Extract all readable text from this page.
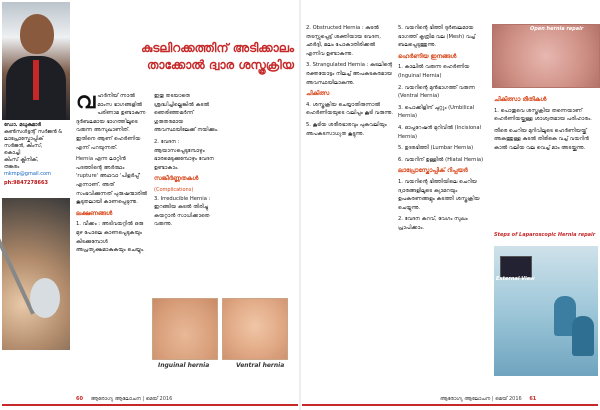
ഡോ. മധുകുമാർ
കൺസൾട്ടന്റ് സർജൻ &
ലാപ്രോസ്കോപ്പിക്
സർജൻ, കിംസ്,
കൊച്ചി
കിംസ് ക്ലിനിക്,
തങ്കരം
mkmp@gmail.com
ph:9847278663
കുടലിറക്കത്തിന് അടിക്കാലം
താക്കോൽ ദ്വാര ശസ്ത്രക്രിയ

വഹർനിയ് ന്നാൽ മാംസ ഭാഗങ്ങളിൽ പരിണാമ ഉണ്ടാകുന്ന ദുർബലമായ ഭാഗത്തിലൂടെ വരുന്ന അസുഖാണിത്. ഇതിനെ ആണ് ഹെർണിയ എന്ന് പറയുന്നത്.

Hernia എന്ന ലാറ്റിൻ പദത്തിന്റെ അർത്ഥം 'rupture' അഥവാ 'പിളർപ്പ്' എന്നാണ്. അത് സംഭവിക്കുന്നത് പുരുഷന്മാരിൽ കൂടുതലായി കാണപ്പെടുന്നു.

ലക്ഷണങ്ങൾ

1. വീക്കം : അടിവയറ്റിൽ ഒരു മുഴ പോലെ കാണപ്പെടുകയും കിടക്കുമ്പോൾ അപ്രത്യക്ഷമാകുകയും ചെയ്യും.

ഇതു തടയാതെ ശ്രദ്ധിച്ചില്ലെങ്കിൽ കുടൽ ഞെരിഞ്ഞമർന്ന് ഗുരുതരമായ അവസ്ഥയിലേക്ക് നയിക്കും.

2. വേദന : ആയാസപ്പെടുമ്പോഴും ഭാരമെടുക്കുമ്പോഴും വേദന ഉണ്ടാകാം.

സങ്കീർണ്ണതകൾ
(Complications)

3. Irreducible Hernia : ഇറങ്ങിയ കുടൽ തിരിച്ചു കയറ്റാൻ സാധിക്കാതെ വരുന്നു.

Inguinal hernia	Ventral hernia

2. Obstructed Hernia : കുടൽ തടസ്സപ്പെട്ട് ശക്തിയായ വേദന, ഛർദ്ദി, മലം പോകാതിരിക്കൽ എന്നിവ ഉണ്ടാകുന്നു.

3. Strangulated Hernia : കുടലിന്റെ രക്തയോട്ടം നിലച്ച് അപകടകരമായ അവസ്ഥയിലാകുന്നു.

ചികിത്സ

4. ശസ്ത്രക്രിയ ചെയ്യാതിരുന്നാൽ ഹെർണിയയുടെ വലിപ്പം കൂടി വരുന്നു.

5. കൂടിയ ശരീരഭാരവും പുകവലിയും അപകടസാധ്യത കൂട്ടുന്നു.

5. വയറിന്റെ ഭിത്തി ദുർബലമായ ഭാഗത്ത് കൃത്രിമ വല (Mesh) വച്ച് ബലപ്പെടുത്തുന്നു.

ഹെർണിയ ഇനങ്ങൾ

1. കാലിൽ വരുന്ന ഹെർണിയ (Inguinal Hernia)

2. വയറിന്റെ മുൻഭാഗത്ത് വരുന്ന (Ventral Hernia)

3. പൊക്കിളിന് ചുറ്റും (Umbilical Hernia)

4. ഓപ്പറേഷൻ മുറിവിൽ (Incisional Hernia)

5. ഉദരഭിത്തി (Lumbar Hernia)

6. വയറിന് ഉള്ളിൽ (Hiatal Hernia)

ലാപ്രോസ്കോപ്പിക് റിപ്പയർ

1. വയറിന്റെ ഭിത്തിയിലെ ചെറിയ ദ്വാരങ്ങളിലൂടെ ക്യാമറയും ഉപകരണങ്ങളും കടത്തി ശസ്ത്രക്രിയ ചെയ്യുന്നു.

2. വേദന കുറവ്, വേഗം സുഖം പ്രാപിക്കാം.

Open hernia repair
ചികിത്സാ രീതികൾ

1. പൊതുവെ ശസ്ത്രക്രിയ തന്നെയാണ് ഹെർണിയയ്ക്കുള്ള ശാശ്വതമായ പരിഹാരം.

തീരെ ചെറിയ മുറിവിലൂടെ ഹെർണിയയ്ക്ക് അകത്തുള്ള കുടൽ തിരികെ വച്ച് വയറിൻ കാൽ വലിയ വല വെച്ച് മാം അടയ്ക്കുന്നു.

Steps of Laparoscopic Hernia repair
External View
60 ആരോഗ്യ ആലോചന | മെയ് 2016	ആരോഗ്യ ആലോചന | മെയ് 2016 61
